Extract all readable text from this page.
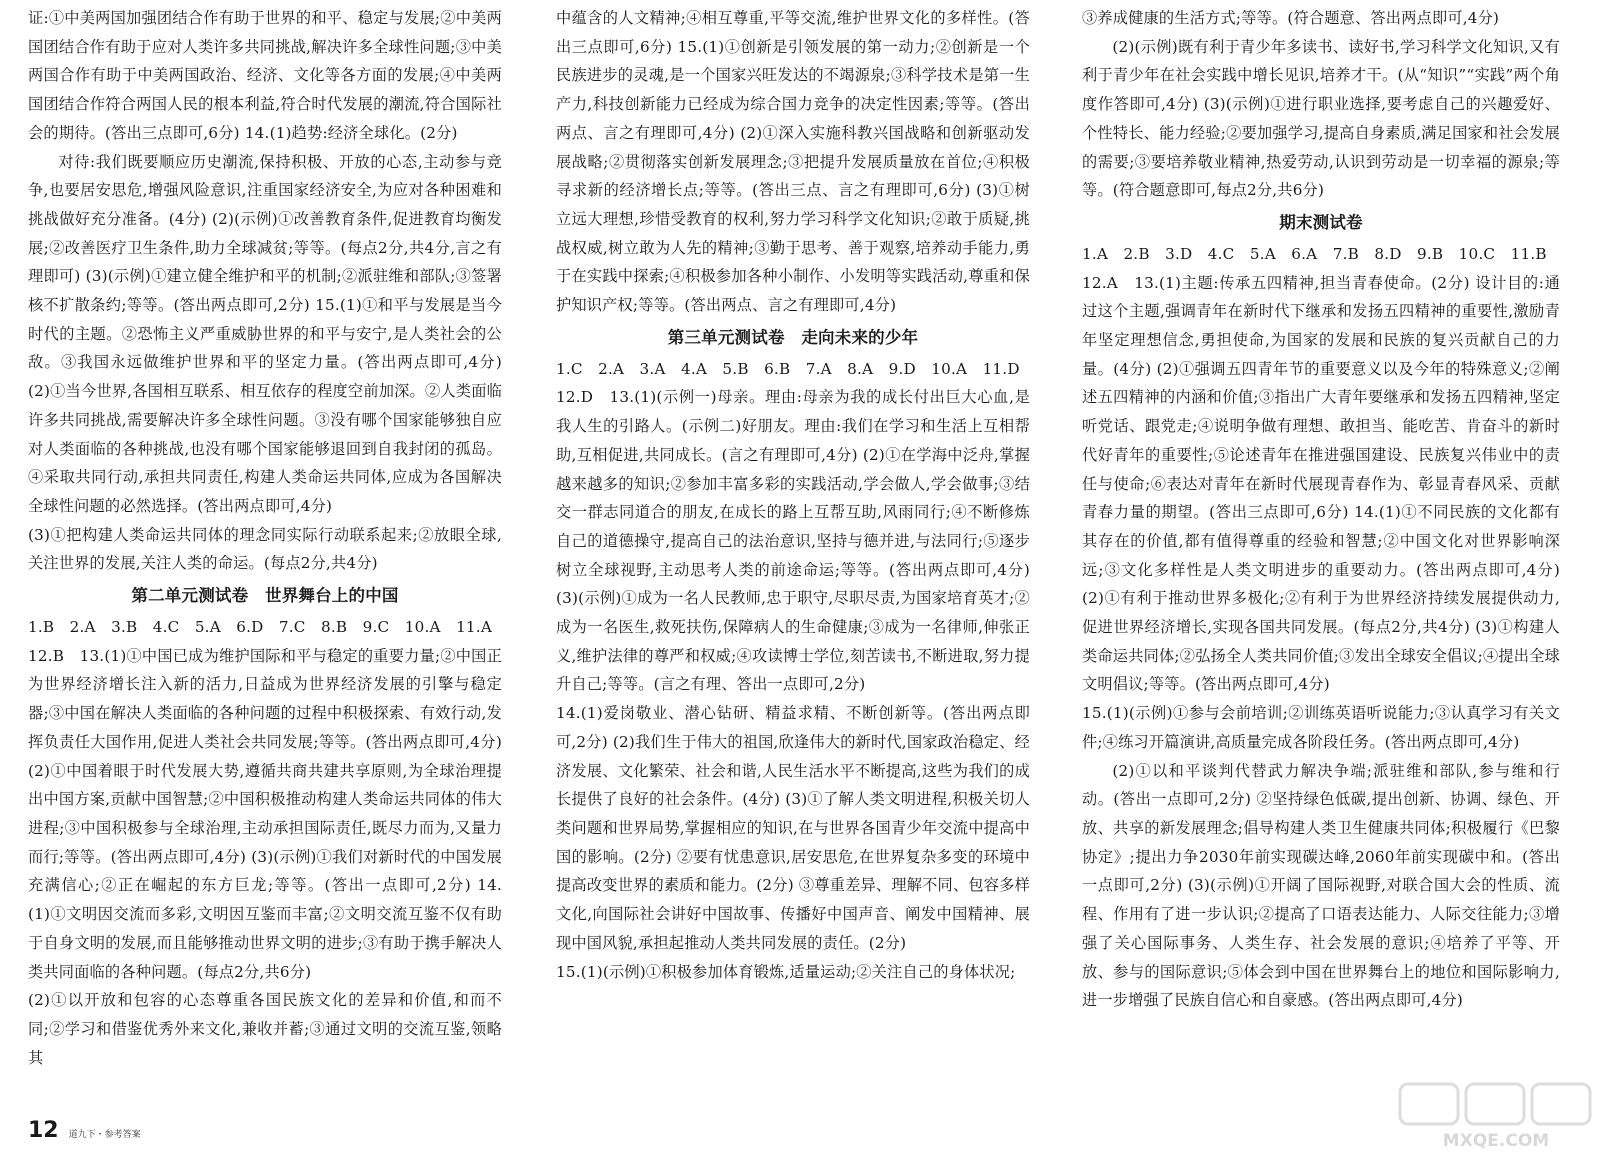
证:①中美两国加强团结合作有助于世界的和平、稳定与发展;②中美两国团结合作有助于应对人类许多共同挑战,解决许多全球性问题;③中美两国合作有助于中美两国政治、经济、文化等各方面的发展;④中美两国团结合作符合两国人民的根本利益,符合时代发展的潮流,符合国际社会的期待。(答出三点即可,6分) 14.(1)趋势:经济全球化。(2分)

对待:我们既要顺应历史潮流,保持积极、开放的心态,主动参与竞争,也要居安思危,增强风险意识,注重国家经济安全,为应对各种困难和挑战做好充分准备。(4分) (2)(示例)①改善教育条件,促进教育均衡发展;②改善医疗卫生条件,助力全球减贫;等等。(每点2分,共4分,言之有理即可) (3)(示例)①建立健全维护和平的机制;②派驻维和部队;③签署核不扩散条约;等等。(答出两点即可,2分) 15.(1)①和平与发展是当今时代的主题。②恐怖主义严重威胁世界的和平与安宁,是人类社会的公敌。③我国永远做维护世界和平的坚定力量。(答出两点即可,4分) (2)①当今世界,各国相互联系、相互依存的程度空前加深。②人类面临许多共同挑战,需要解决许多全球性问题。③没有哪个国家能够独自应对人类面临的各种挑战,也没有哪个国家能够退回到自我封闭的孤岛。④采取共同行动,承担共同责任,构建人类命运共同体,应成为各国解决全球性问题的必然选择。(答出两点即可,4分)

(3)①把构建人类命运共同体的理念同实际行动联系起来;②放眼全球,关注世界的发展,关注人类的命运。(每点2分,共4分)

第二单元测试卷　世界舞台上的中国

1.B　2.A　3.B　4.C　5.A　6.D　7.C　8.B　9.C　10.A　11.A

12.B　13.(1)①中国已成为维护国际和平与稳定的重要力量;②中国正为世界经济增长注入新的活力,日益成为世界经济发展的引擎与稳定器;③中国在解决人类面临的各种问题的过程中积极探索、有效行动,发挥负责任大国作用,促进人类社会共同发展;等等。(答出两点即可,4分) (2)①中国着眼于时代发展大势,遵循共商共建共享原则,为全球治理提出中国方案,贡献中国智慧;②中国积极推动构建人类命运共同体的伟大进程;③中国积极参与全球治理,主动承担国际责任,既尽力而为,又量力而行;等等。(答出两点即可,4分) (3)(示例)①我们对新时代的中国发展充满信心;②正在崛起的东方巨龙;等等。(答出一点即可,2分) 14.(1)①文明因交流而多彩,文明因互鉴而丰富;②文明交流互鉴不仅有助于自身文明的发展,而且能够推动世界文明的进步;③有助于携手解决人类共同面临的各种问题。(每点2分,共6分)

(2)①以开放和包容的心态尊重各国民族文化的差异和价值,和而不同;②学习和借鉴优秀外来文化,兼收并蓄;③通过文明的交流互鉴,领略其

中蕴含的人文精神;④相互尊重,平等交流,维护世界文化的多样性。(答出三点即可,6分) 15.(1)①创新是引领发展的第一动力;②创新是一个民族进步的灵魂,是一个国家兴旺发达的不竭源泉;③科学技术是第一生产力,科技创新能力已经成为综合国力竞争的决定性因素;等等。(答出两点、言之有理即可,4分) (2)①深入实施科教兴国战略和创新驱动发展战略;②贯彻落实创新发展理念;③把提升发展质量放在首位;④积极寻求新的经济增长点;等等。(答出三点、言之有理即可,6分) (3)①树立远大理想,珍惜受教育的权利,努力学习科学文化知识;②敢于质疑,挑战权威,树立敢为人先的精神;③勤于思考、善于观察,培养动手能力,勇于在实践中探索;④积极参加各种小制作、小发明等实践活动,尊重和保护知识产权;等等。(答出两点、言之有理即可,4分)

第三单元测试卷　走向未来的少年

1.C　2.A　3.A　4.A　5.B　6.B　7.A　8.A　9.D　10.A　11.D

12.D　13.(1)(示例一)母亲。理由:母亲为我的成长付出巨大心血,是我人生的引路人。(示例二)好朋友。理由:我们在学习和生活上互相帮助,互相促进,共同成长。(言之有理即可,4分) (2)①在学海中泛舟,掌握越来越多的知识;②参加丰富多彩的实践活动,学会做人,学会做事;③结交一群志同道合的朋友,在成长的路上互帮互助,风雨同行;④不断修炼自己的道德操守,提高自己的法治意识,坚持与德并进,与法同行;⑤逐步树立全球视野,主动思考人类的前途命运;等等。(答出两点即可,4分) (3)(示例)①成为一名人民教师,忠于职守,尽职尽责,为国家培育英才;②成为一名医生,救死扶伤,保障病人的生命健康;③成为一名律师,伸张正义,维护法律的尊严和权威;④攻读博士学位,刻苦读书,不断进取,努力提升自己;等等。(言之有理、答出一点即可,2分)

14.(1)爱岗敬业、潜心钻研、精益求精、不断创新等。(答出两点即可,2分) (2)我们生于伟大的祖国,欣逢伟大的新时代,国家政治稳定、经济发展、文化繁荣、社会和谐,人民生活水平不断提高,这些为我们的成长提供了良好的社会条件。(4分) (3)①了解人类文明进程,积极关切人类问题和世界局势,掌握相应的知识,在与世界各国青少年交流中提高中国的影响。(2分) ②要有忧患意识,居安思危,在世界复杂多变的环境中提高改变世界的素质和能力。(2分) ③尊重差异、理解不同、包容多样文化,向国际社会讲好中国故事、传播好中国声音、阐发中国精神、展现中国风貌,承担起推动人类共同发展的责任。(2分)

15.(1)(示例)①积极参加体育锻炼,适量运动;②关注自己的身体状况;

③养成健康的生活方式;等等。(符合题意、答出两点即可,4分)

(2)(示例)既有利于青少年多读书、读好书,学习科学文化知识,又有利于青少年在社会实践中增长见识,培养才干。(从“知识”“实践”两个角度作答即可,4分) (3)(示例)①进行职业选择,要考虑自己的兴趣爱好、个性特长、能力经验;②要加强学习,提高自身素质,满足国家和社会发展的需要;③要培养敬业精神,热爱劳动,认识到劳动是一切幸福的源泉;等等。(符合题意即可,每点2分,共6分)

期末测试卷

1.A　2.B　3.D　4.C　5.A　6.A　7.B　8.D　9.B　10.C　11.B

12.A　13.(1)主题:传承五四精神,担当青春使命。(2分) 设计目的:通过这个主题,强调青年在新时代下继承和发扬五四精神的重要性,激励青年坚定理想信念,勇担使命,为国家的发展和民族的复兴贡献自己的力量。(4分) (2)①强调五四青年节的重要意义以及今年的特殊意义;②阐述五四精神的内涵和价值;③指出广大青年要继承和发扬五四精神,坚定听党话、跟党走;④说明争做有理想、敢担当、能吃苦、肯奋斗的新时代好青年的重要性;⑤论述青年在推进强国建设、民族复兴伟业中的责任与使命;⑥表达对青年在新时代展现青春作为、彰显青春风采、贡献青春力量的期望。(答出三点即可,6分) 14.(1)①不同民族的文化都有其存在的价值,都有值得尊重的经验和智慧;②中国文化对世界影响深远;③文化多样性是人类文明进步的重要动力。(答出两点即可,4分) (2)①有利于推动世界多极化;②有利于为世界经济持续发展提供动力,促进世界经济增长,实现各国共同发展。(每点2分,共4分) (3)①构建人类命运共同体;②弘扬全人类共同价值;③发出全球安全倡议;④提出全球文明倡议;等等。(答出两点即可,4分)

15.(1)(示例)①参与会前培训;②训练英语听说能力;③认真学习有关文件;④练习开篇演讲,高质量完成各阶段任务。(答出两点即可,4分)

(2)①以和平谈判代替武力解决争端;派驻维和部队,参与维和行动。(答出一点即可,2分) ②坚持绿色低碳,提出创新、协调、绿色、开放、共享的新发展理念;倡导构建人类卫生健康共同体;积极履行《巴黎协定》;提出力争2030年前实现碳达峰,2060年前实现碳中和。(答出一点即可,2分) (3)(示例)①开阔了国际视野,对联合国大会的性质、流程、作用有了进一步认识;②提高了口语表达能力、人际交往能力;③增强了关心国际事务、人类生存、社会发展的意识;④培养了平等、开放、参与的国际意识;⑤体会到中国在世界舞台上的地位和国际影响力,进一步增强了民族自信心和自豪感。(答出两点即可,4分)

12 道九下・参考答案	MXQE.COM
